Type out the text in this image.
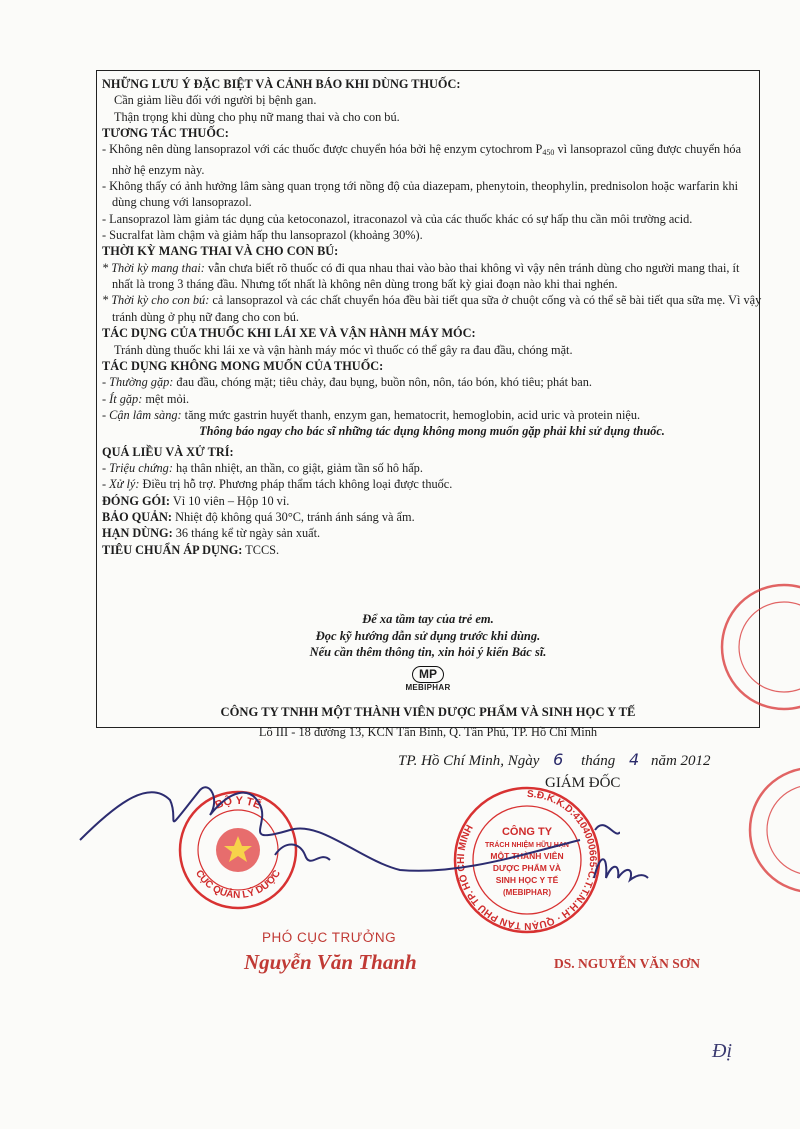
NHỮNG LƯU Ý ĐẶC BIỆT VÀ CẢNH BÁO KHI DÙNG THUỐC:

Cần giảm liều đối với người bị bệnh gan.

Thận trọng khi dùng cho phụ nữ mang thai và cho con bú.

TƯƠNG TÁC THUỐC:

- Không nên dùng lansoprazol với các thuốc được chuyển hóa bởi hệ enzym cytochrom $P_{450}$ vì lansoprazol cũng được chuyển hóa nhờ hệ enzym này.

- Không thấy có ảnh hưởng lâm sàng quan trọng tới nồng độ của diazepam, phenytoin, theophylin, prednisolon hoặc warfarin khi dùng chung với lansoprazol.

- Lansoprazol làm giảm tác dụng của ketoconazol, itraconazol và của các thuốc khác có sự hấp thu cần môi trường acid.

- Sucralfat làm chậm và giảm hấp thu lansoprazol (khoảng 30%).

THỜI KỲ MANG THAI VÀ CHO CON BÚ:

* Thời kỳ mang thai: vẫn chưa biết rõ thuốc có đi qua nhau thai vào bào thai không vì vậy nên tránh dùng cho người mang thai, ít nhất là trong 3 tháng đầu. Nhưng tốt nhất là không nên dùng trong bất kỳ giai đoạn nào khi thai nghén.

* Thời kỳ cho con bú: cả lansoprazol và các chất chuyển hóa đều bài tiết qua sữa ở chuột cống và có thể sẽ bài tiết qua sữa mẹ. Vì vậy tránh dùng ở phụ nữ đang cho con bú.

TÁC DỤNG CỦA THUỐC KHI LÁI XE VÀ VẬN HÀNH MÁY MÓC:

Tránh dùng thuốc khi lái xe và vận hành máy móc vì thuốc có thể gây ra đau đầu, chóng mặt.

TÁC DỤNG KHÔNG MONG MUỐN CỦA THUỐC:

- Thường gặp: đau đầu, chóng mặt; tiêu chảy, đau bụng, buồn nôn, nôn, táo bón, khó tiêu; phát ban.

- Ít gặp: mệt mỏi.

- Cận lâm sàng: tăng mức gastrin huyết thanh, enzym gan, hematocrit, hemoglobin, acid uric và protein niệu.

Thông báo ngay cho bác sĩ những tác dụng không mong muốn gặp phải khi sử dụng thuốc.

QUÁ LIỀU VÀ XỬ TRÍ:

- Triệu chứng: hạ thân nhiệt, an thần, co giật, giảm tần số hô hấp.

- Xử lý: Điều trị hỗ trợ. Phương pháp thẩm tách không loại được thuốc.

ĐÓNG GÓI: Vỉ 10 viên – Hộp 10 vỉ.

BẢO QUẢN: Nhiệt độ không quá 30°C, tránh ánh sáng và ẩm.

HẠN DÙNG: 36 tháng kể từ ngày sản xuất.

TIÊU CHUẨN ÁP DỤNG: TCCS.

Để xa tầm tay của trẻ em.
Đọc kỹ hướng dẫn sử dụng trước khi dùng.
Nếu cần thêm thông tin, xin hỏi ý kiến Bác sĩ.
MP
MEBIPHAR
CÔNG TY TNHH MỘT THÀNH VIÊN DƯỢC PHẨM VÀ SINH HỌC Y TẾ
Lô III - 18 đường 13, KCN Tân Bình, Q. Tân Phú, TP. Hồ Chí Minh
TP. Hồ Chí Minh, Ngày 6 tháng 4 năm 2012
GIÁM ĐỐC
BỘ Y TẾ
CỤC QUẢN LÝ DƯỢC
S.Đ.K.K.D:4104000665-C.T.T.N.H.H · QUẬN TÂN PHÚ TP. HỒ CHÍ MINH	CÔNG TY
TRÁCH NHIỆM HỮU HẠN
MỘT THÀNH VIÊN
DƯỢC PHẨM VÀ
SINH HỌC Y TẾ
(MEBIPHAR)
PHÓ CỤC TRƯỞNG
Nguyễn Văn Thanh	DS. NGUYỄN VĂN SƠN
Đị
